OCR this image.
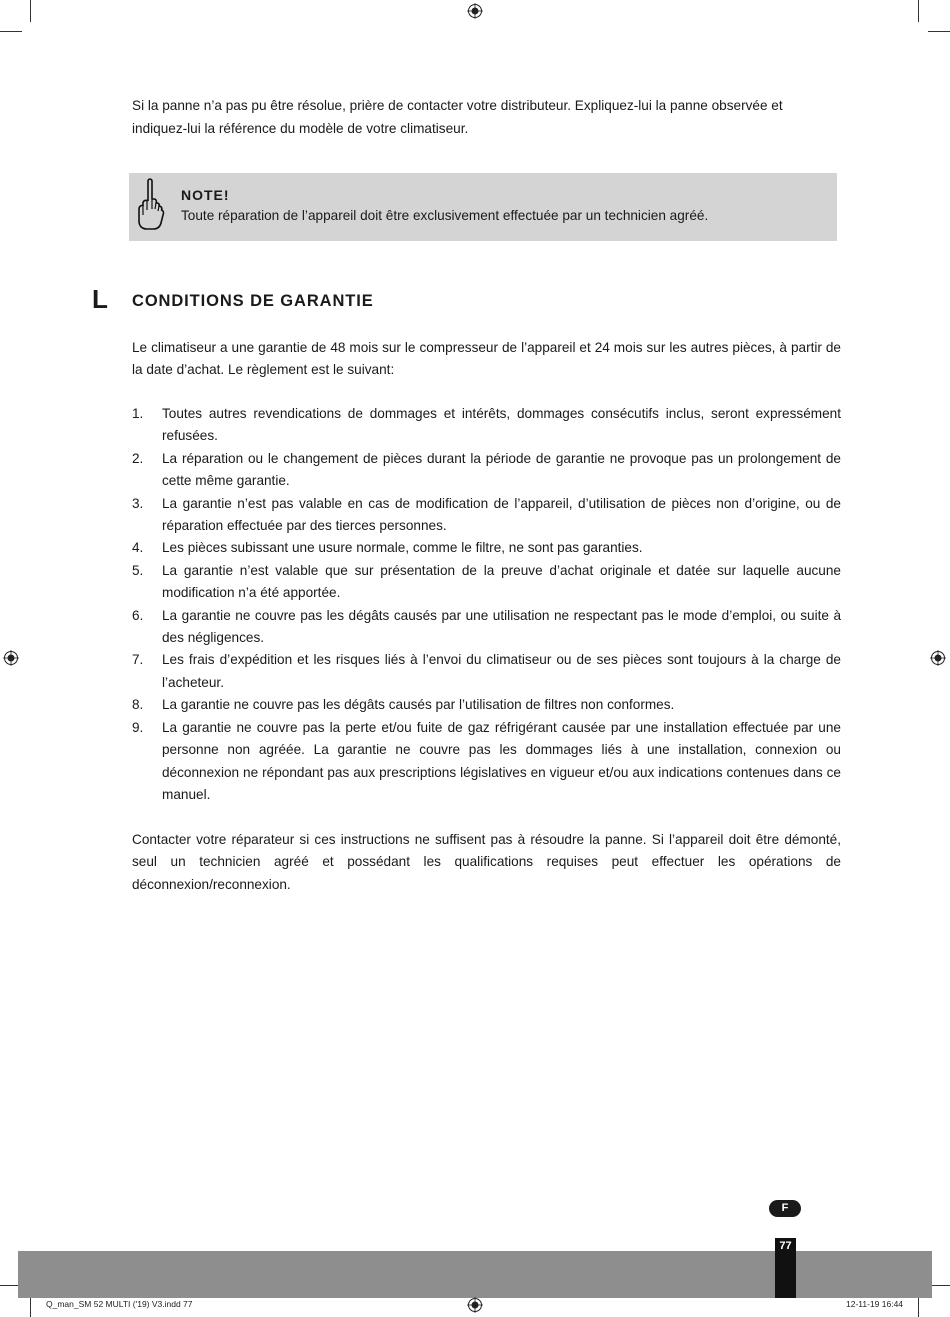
Si la panne n’a pas pu être résolue, prière de contacter votre distributeur. Expliquez-lui la panne observée et indiquez-lui la référence du modèle de votre climatiseur.

NOTE!
Toute réparation de l’appareil doit être exclusivement effectuée par un technicien agréé.
L CONDITIONS DE GARANTIE

Le climatiseur a une garantie de 48 mois sur le compresseur de l’appareil et 24 mois sur les autres pièces, à partir de la date d’achat. Le règlement est le suivant:

1. Toutes autres revendications de dommages et intérêts, dommages consécutifs inclus, seront expressément refusées.
2. La réparation ou le changement de pièces durant la période de garantie ne provoque pas un prolongement de cette même garantie.
3. La garantie n’est pas valable en cas de modification de l’appareil, d’utilisation de pièces non d’origine, ou de réparation effectuée par des tierces personnes.
4. Les pièces subissant une usure normale, comme le filtre, ne sont pas garanties.
5. La garantie n’est valable que sur présentation de la preuve d’achat originale et datée sur laquelle aucune modification n’a été apportée.
6. La garantie ne couvre pas les dégâts causés par une utilisation ne respectant pas le mode d’emploi, ou suite à des négligences.
7. Les frais d’expédition et les risques liés à l’envoi du climatiseur ou de ses pièces sont toujours à la charge de l’acheteur.
8. La garantie ne couvre pas les dégâts causés par l’utilisation de filtres non conformes.
9. La garantie ne couvre pas la perte et/ou fuite de gaz réfrigérant causée par une installation effectuée par une personne non agréée. La garantie ne couvre pas les dommages liés à une installation, connexion ou déconnexion ne répondant pas aux prescriptions législatives en vigueur et/ou aux indications contenues dans ce manuel.

Contacter votre réparateur si ces instructions ne suffisent pas à résoudre la panne. Si l’appareil doit être démonté, seul un technicien agréé et possédant les qualifications requises peut effectuer les opérations de déconnexion/reconnexion.

F
77
Q_man_SM 52 MULTI ('19) V3.indd 77	12-11-19 16:44
